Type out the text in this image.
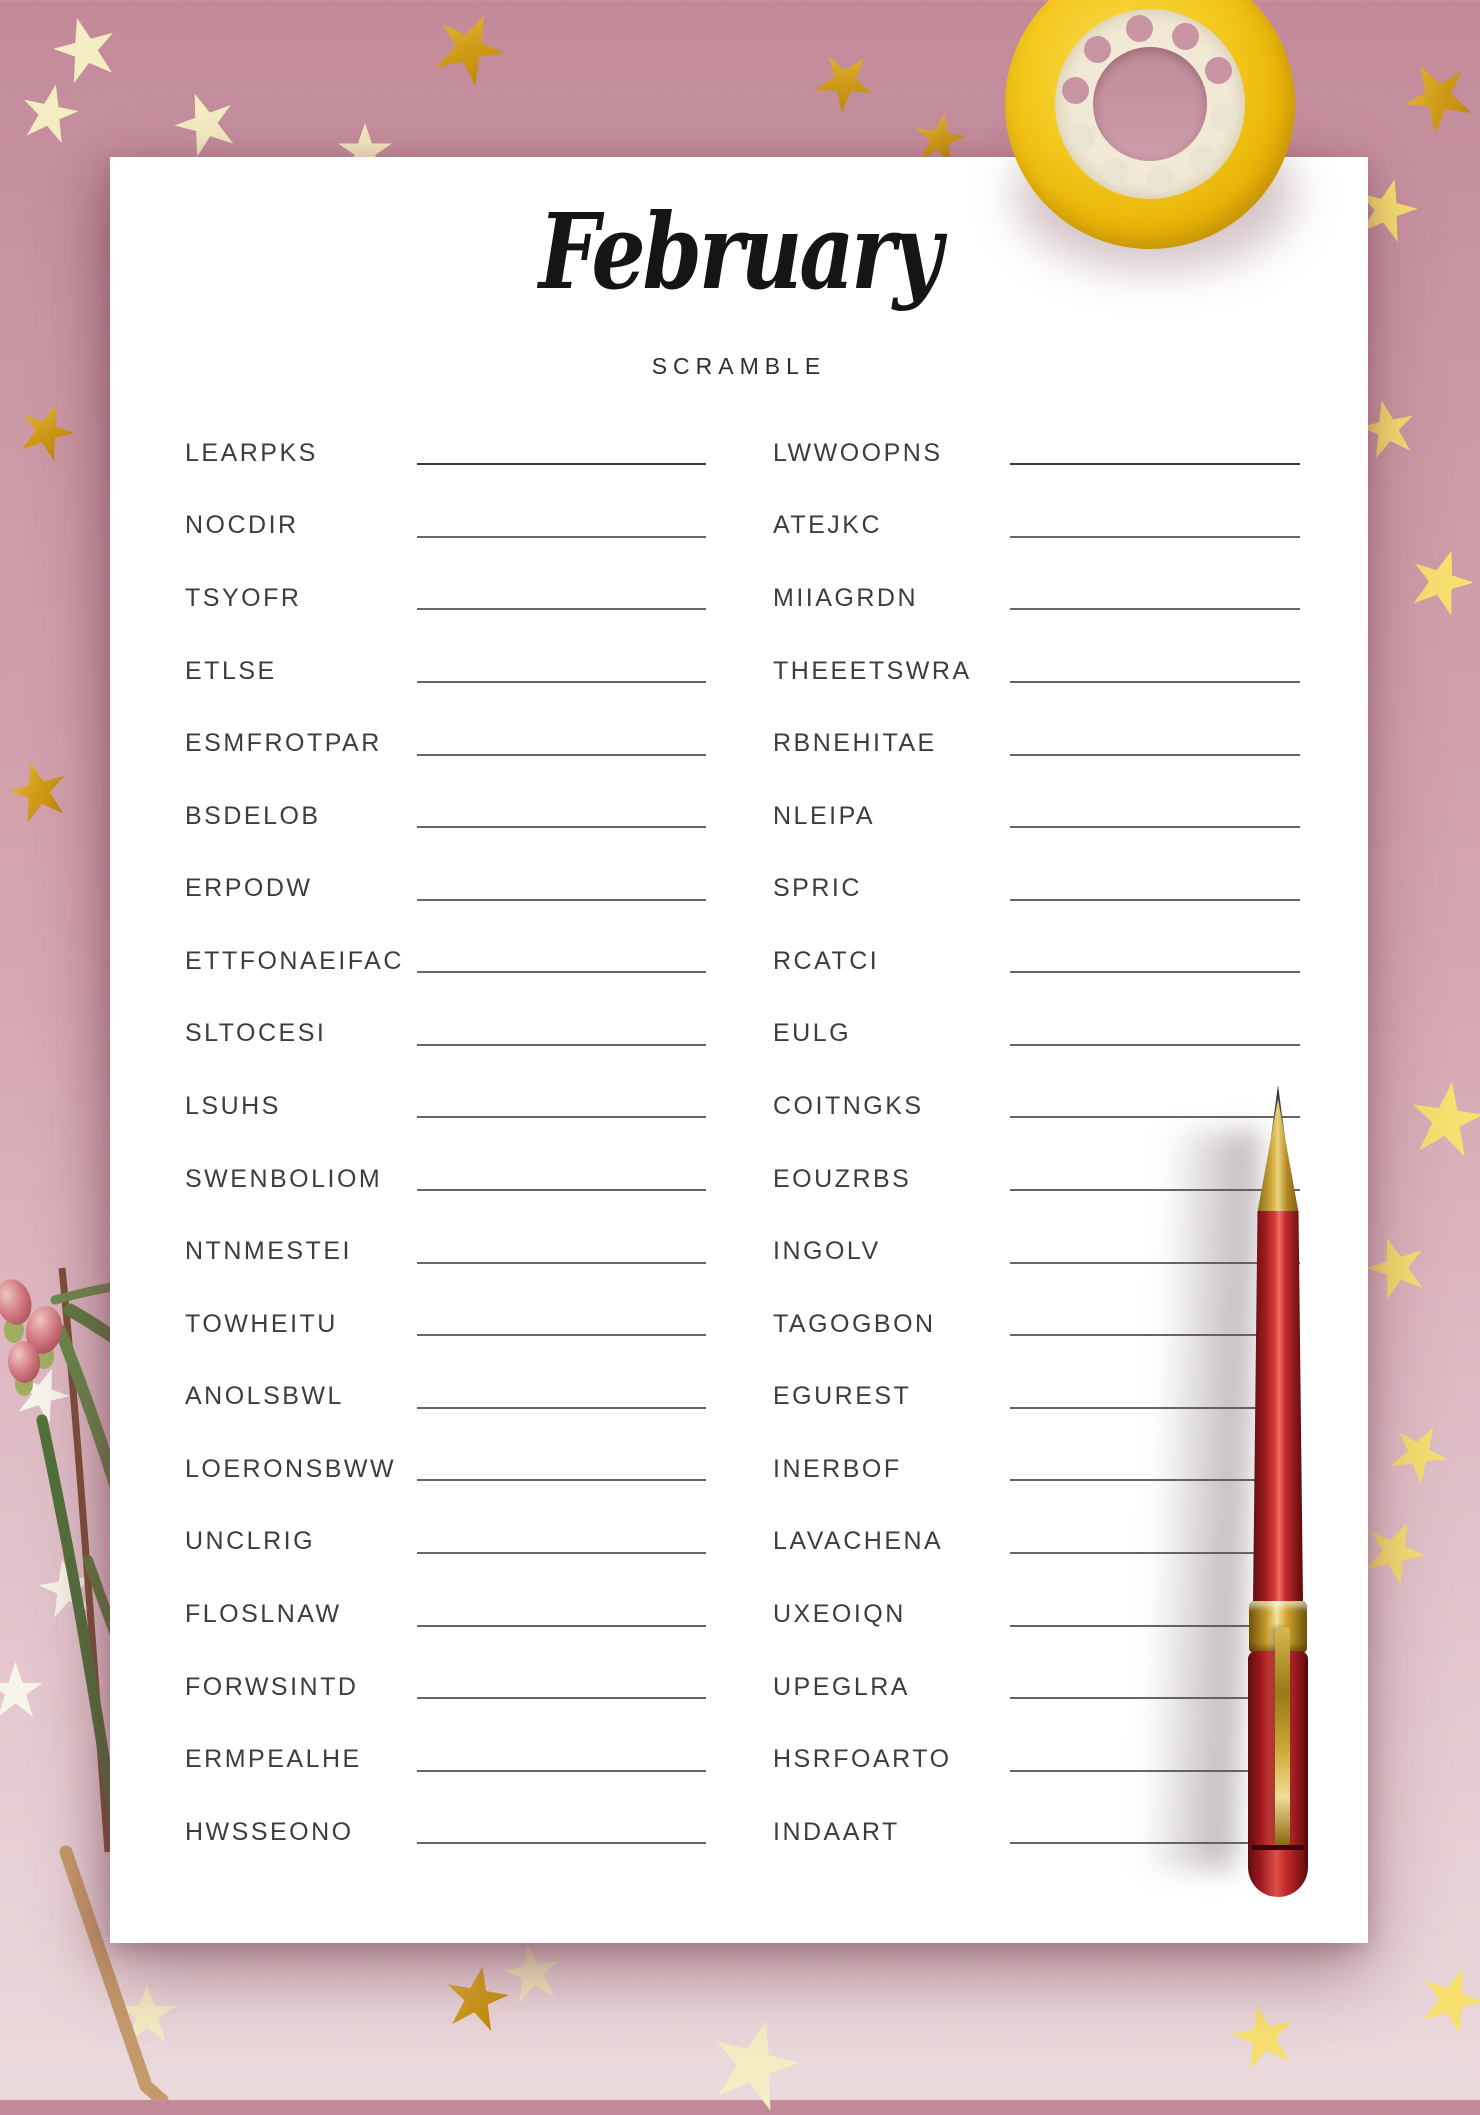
February
SCRAMBLE
LEARPKS
NOCDIR
TSYOFR
ETLSE
ESMFROTPAR
BSDELOB
ERPODW
ETTFONAEIFAC
SLTOCESI
LSUHS
SWENBOLIOM
NTNMESTEI
TOWHEITU
ANOLSBWL
LOERONSBWW
UNCLRIG
FLOSLNAW
FORWSINTD
ERMPEALHE
HWSSEONO
LWWOOPNS
ATEJKC
MIIAGRDN
THEEETSWRA
RBNEHITAE
NLEIPA
SPRIC
RCATCI
EULG
COITNGKS
EOUZRBS
INGOLV
TAGOGBON
EGUREST
INERBOF
LAVACHENA
UXEOIQN
UPEGLRA
HSRFOARTO
INDAART
